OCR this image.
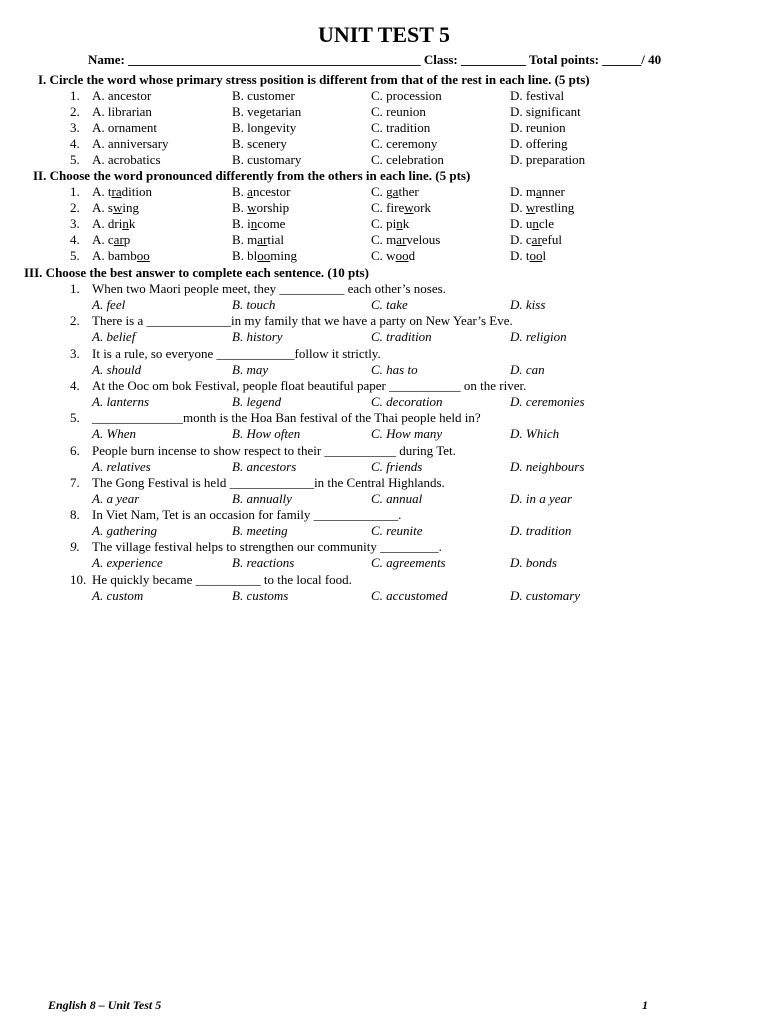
UNIT TEST 5
Name: _____________________________________________ Class: __________ Total points: ______/ 40
I. Circle the word whose primary stress position is different from that of the rest in each line. (5 pts)
1. A. ancestor	B. customer	C. procession	D. festival
2. A. librarian	B. vegetarian	C. reunion	D. significant
3. A. ornament	B. longevity	C. tradition	D. reunion
4. A. anniversary	B. scenery	C. ceremony	D. offering
5. A. acrobatics	B. customary	C. celebration	D. preparation
II. Choose the word pronounced differently from the others in each line. (5 pts)
1. A. tradition	B. ancestor	C. gather	D. manner
2. A. swing	B. worship	C. firework	D. wrestling
3. A. drink	B. income	C. pink	D. uncle
4. A. carp	B. martial	C. marvelous	D. careful
5. A. bamboo	B. blooming	C. wood	D. tool
III. Choose the best answer to complete each sentence. (10 pts)
1. When two Maori people meet, they __________ each other’s noses.
A. feel	B. touch	C. take	D. kiss
2. There is a _____________in my family that we have a party on New Year’s Eve.
A. belief	B. history	C. tradition	D. religion
3. It is a rule, so everyone ____________follow it strictly.
A. should	B. may	C. has to	D. can
4. At the Ooc om bok Festival, people float beautiful paper ___________ on the river.
A. lanterns	B. legend	C. decoration	D. ceremonies
5. ______________month is the Hoa Ban festival of the Thai people held in?
A. When	B. How often	C. How many	D. Which
6. People burn incense to show respect to their ___________ during Tet.
A. relatives	B. ancestors	C. friends	D. neighbours
7. The Gong Festival is held _____________in the Central Highlands.
A. a year	B. annually	C. annual	D. in a year
8. In Viet Nam, Tet is an occasion for family _____________.
A. gathering	B. meeting	C. reunite	D. tradition
9. The village festival helps to strengthen our community _________.
A. experience	B. reactions	C. agreements	D. bonds
10. He quickly became __________ to the local food.
A. custom	B. customs	C. accustomed	D. customary
English 8 – Unit Test 5	1
